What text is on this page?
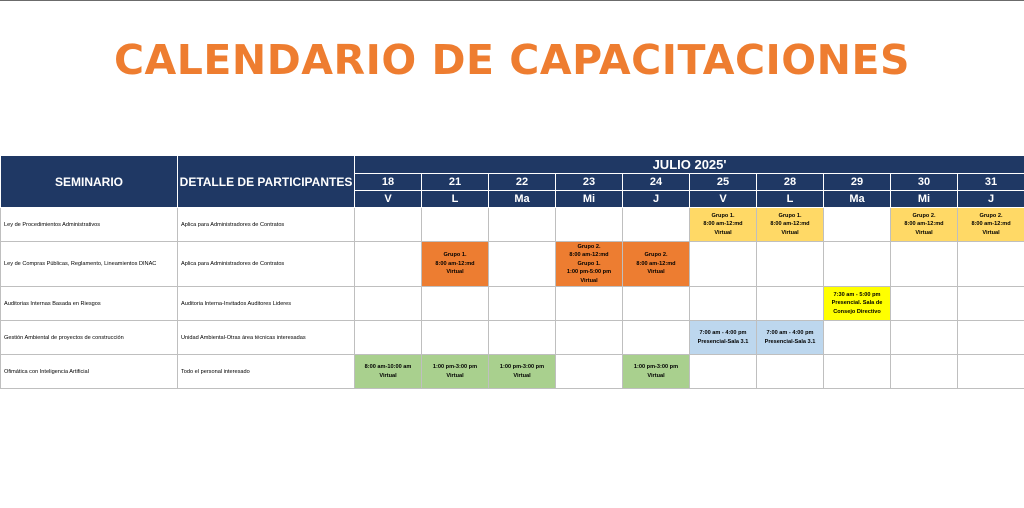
CALENDARIO DE CAPACITACIONES
SEMINARIO	DETALLE DE PARTICIPANTES	JULIO 2025'									
		18	21	22	23	24	25	28	29	30	31
		V	L	Ma	Mi	J	V	L	Ma	Mi	J
Ley de Procedimientos Administrativos	Aplica para Administradores de Contratos						Grupo 1.
8:00 am-12:md
Virtual	Grupo 1.
8:00 am-12:md
Virtual		Grupo 2.
8:00 am-12:md
Virtual	Grupo 2.
8:00 am-12:md
Virtual

Ley de Compras Públicas, Reglamento, Lineamientos DINAC	Aplica para Administradores de Contratos		Grupo 1.
8:00 am-12:md
Virtual		Grupo 2.
8:00 am-12:md
Grupo 1.
1:00 pm-5:00 pm
Virtual	Grupo 2.
8:00 am-12:md
Virtual					

Auditorias Internas Basada en Riesgos	Auditoria Interna-Invitados Auditores Lideres								7:30 am - 5:00 pm
Presencial. Sala de
Consejo Directivo		

Gestión Ambiental de proyectos de construcción	Unidad Ambiental-Otras área técnicas interesadas						7:00 am - 4:00 pm
Presencial-Sala 3.1	7:00 am - 4:00 pm
Presencial-Sala 3.1			

Ofimática con Inteligencia Artificial	Todo el personal interesado	8:00 am-10:00 am
Virtual	1:00 pm-3:00 pm
Virtual	1:00 pm-3:00 pm
Virtual		1:00 pm-3:00 pm
Virtual					
